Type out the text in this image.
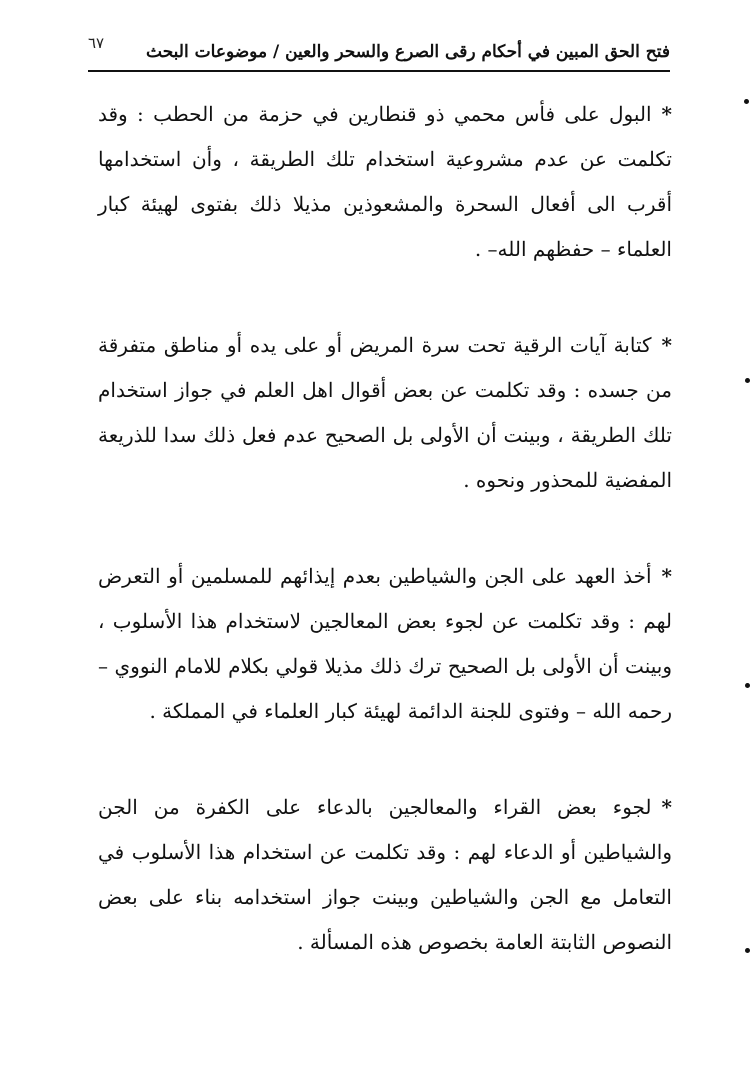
٦٧ فتح الحق المبين في أحكام رقى الصرع والسحر والعين / موضوعات البحث

*البول على فأس محمي ذو قنطارين في حزمة من الحطب : وقد تكلمت عن عدم مشروعية استخدام تلك الطريقة ، وأن استخدامها أقرب الى أفعال السحرة والمشعوذين مذيلا ذلك بفتوى لهيئة كبار العلماء – حفظهم الله– .

*كتابة آيات الرقية تحت سرة المريض أو على يده أو مناطق متفرقة من جسده : وقد تكلمت عن بعض أقوال اهل العلم في جواز استخدام تلك الطريقة ، وبينت أن الأولى بل الصحيح عدم فعل ذلك سدا للذريعة المفضية للمحذور ونحوه .

*أخذ العهد على الجن والشياطين بعدم إيذائهم للمسلمين أو التعرض لهم : وقد تكلمت عن لجوء بعض المعالجين لاستخدام هذا الأسلوب ، وبينت أن الأولى بل الصحيح ترك ذلك مذيلا قولي بكلام للامام النووي – رحمه الله – وفتوى للجنة الدائمة لهيئة كبار العلماء في المملكة .

*لجوء بعض القراء والمعالجين بالدعاء على الكفرة من الجن والشياطين أو الدعاء لهم : وقد تكلمت عن استخدام هذا الأسلوب في التعامل مع الجن والشياطين وبينت جواز استخدامه بناء على بعض النصوص الثابتة العامة بخصوص هذه المسألة .
